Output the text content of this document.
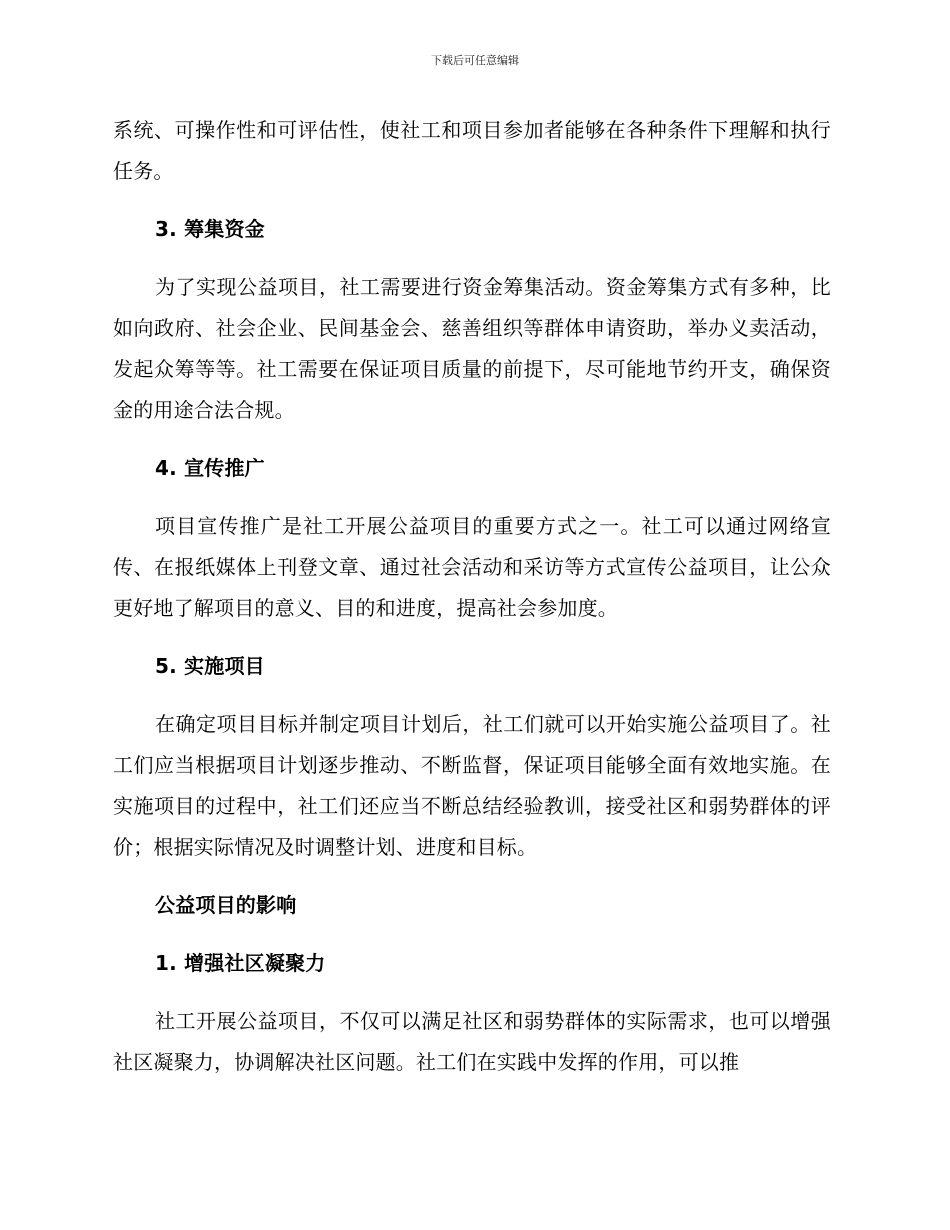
下载后可任意编辑

系统、可操作性和可评估性，使社工和项目参加者能够在各种条件下理解和执行任务。

3. 筹集资金

为了实现公益项目，社工需要进行资金筹集活动。资金筹集方式有多种，比如向政府、社会企业、民间基金会、慈善组织等群体申请资助，举办义卖活动，发起众筹等等。社工需要在保证项目质量的前提下，尽可能地节约开支，确保资金的用途合法合规。

4. 宣传推广

项目宣传推广是社工开展公益项目的重要方式之一。社工可以通过网络宣传、在报纸媒体上刊登文章、通过社会活动和采访等方式宣传公益项目，让公众更好地了解项目的意义、目的和进度，提高社会参加度。

5. 实施项目

在确定项目目标并制定项目计划后，社工们就可以开始实施公益项目了。社工们应当根据项目计划逐步推动、不断监督，保证项目能够全面有效地实施。在实施项目的过程中，社工们还应当不断总结经验教训，接受社区和弱势群体的评价；根据实际情况及时调整计划、进度和目标。

公益项目的影响
1. 增强社区凝聚力

社工开展公益项目，不仅可以满足社区和弱势群体的实际需求，也可以增强社区凝聚力，协调解决社区问题。社工们在实践中发挥的作用，可以推
